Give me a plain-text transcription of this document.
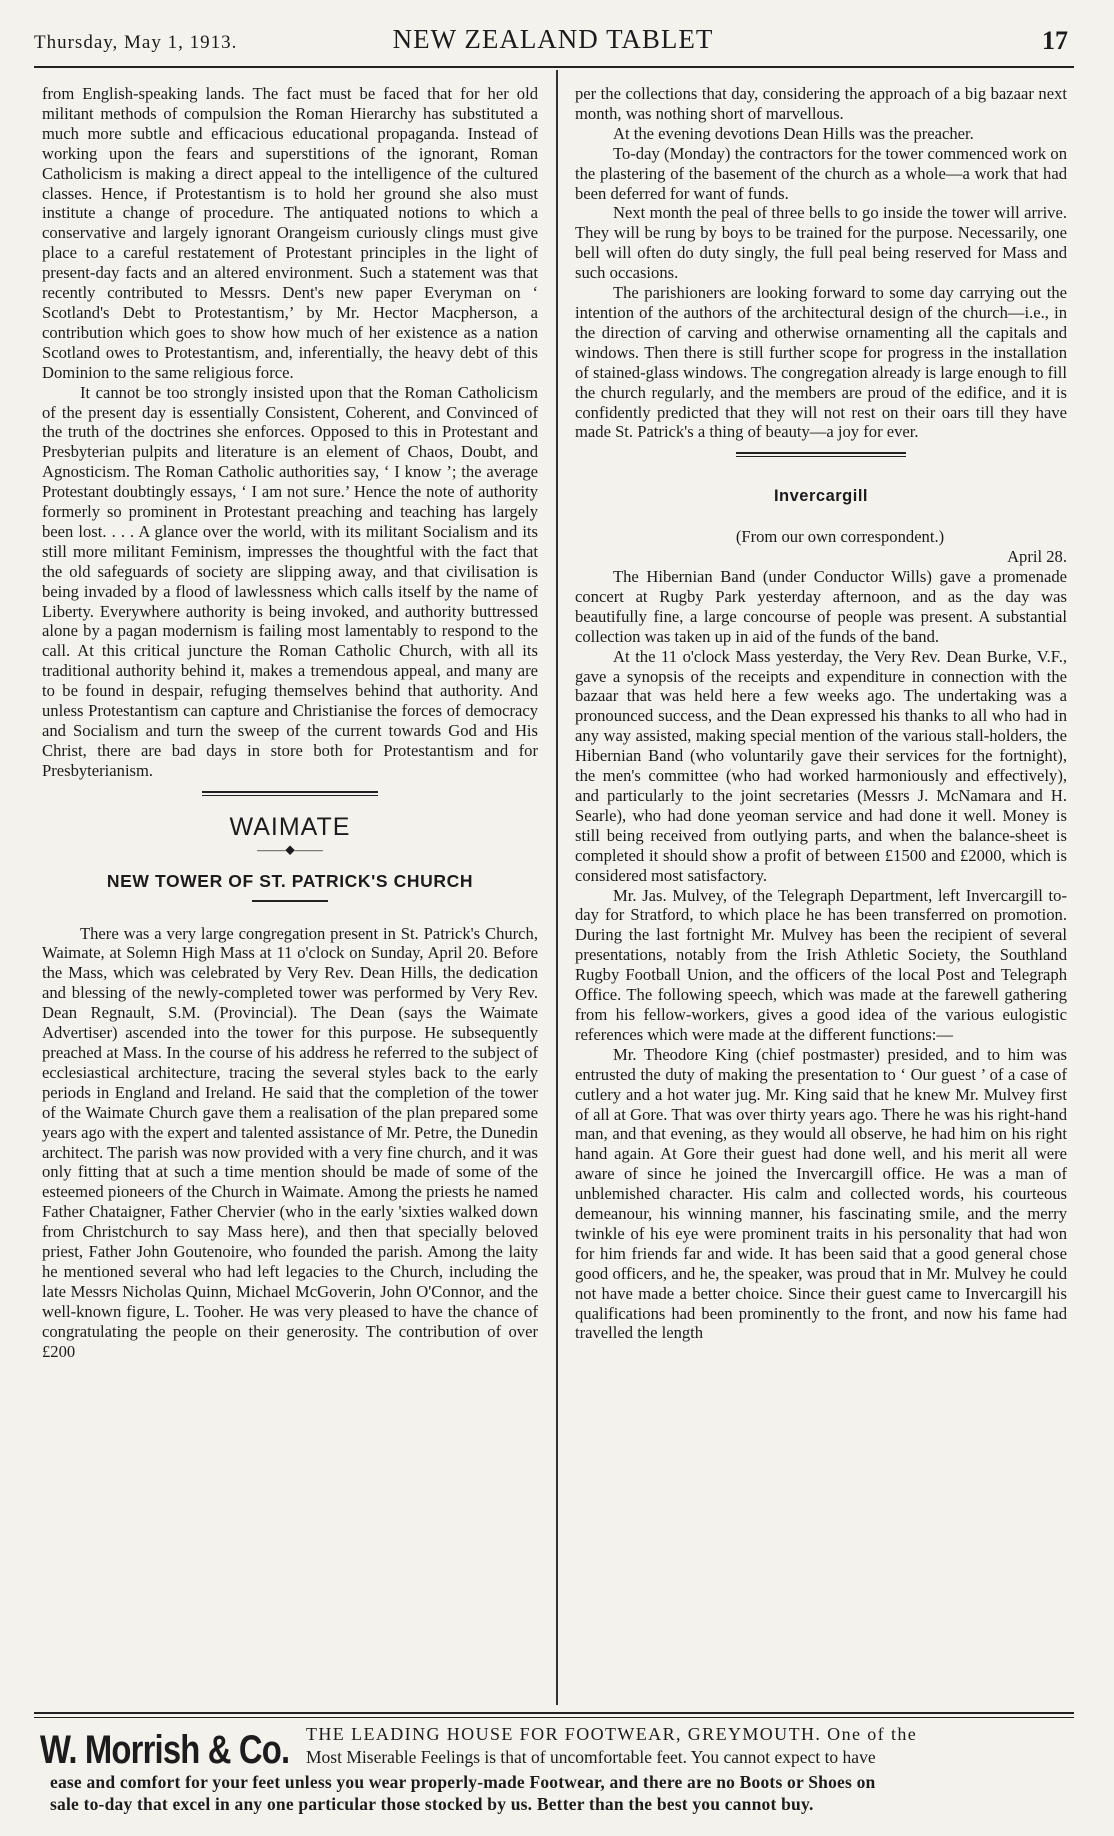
Thursday, May 1, 1913.	NEW ZEALAND TABLET	17

from English-speaking lands. The fact must be faced that for her old militant methods of compulsion the Roman Hierarchy has substituted a much more subtle and efficacious educational propaganda. Instead of working upon the fears and superstitions of the ignorant, Roman Catholicism is making a direct appeal to the intelligence of the cultured classes. Hence, if Protestantism is to hold her ground she also must institute a change of procedure. The antiquated notions to which a conservative and largely ignorant Orangeism curiously clings must give place to a careful restatement of Protestant principles in the light of present-day facts and an altered environment. Such a statement was that recently contributed to Messrs. Dent's new paper Everyman on ‘ Scotland's Debt to Protestantism,’ by Mr. Hector Macpherson, a contribution which goes to show how much of her existence as a nation Scotland owes to Protestantism, and, inferentially, the heavy debt of this Dominion to the same religious force.

It cannot be too strongly insisted upon that the Roman Catholicism of the present day is essentially Consistent, Coherent, and Convinced of the truth of the doctrines she enforces. Opposed to this in Protestant and Presbyterian pulpits and literature is an element of Chaos, Doubt, and Agnosticism. The Roman Catholic authorities say, ‘ I know ’; the average Protestant doubtingly essays, ‘ I am not sure.’ Hence the note of authority formerly so prominent in Protestant preaching and teaching has largely been lost. . . . A glance over the world, with its militant Socialism and its still more militant Feminism, impresses the thoughtful with the fact that the old safeguards of society are slipping away, and that civilisation is being invaded by a flood of lawlessness which calls itself by the name of Liberty. Everywhere authority is being invoked, and authority buttressed alone by a pagan modernism is failing most lamentably to respond to the call. At this critical juncture the Roman Catholic Church, with all its traditional authority behind it, makes a tremendous appeal, and many are to be found in despair, refuging themselves behind that authority. And unless Protestantism can capture and Christianise the forces of democracy and Socialism and turn the sweep of the current towards God and His Christ, there are bad days in store both for Protestantism and for Presbyterianism.

WAIMATE
——⬥——
NEW TOWER OF ST. PATRICK'S CHURCH

There was a very large congregation present in St. Patrick's Church, Waimate, at Solemn High Mass at 11 o'clock on Sunday, April 20. Before the Mass, which was celebrated by Very Rev. Dean Hills, the dedication and blessing of the newly-completed tower was performed by Very Rev. Dean Regnault, S.M. (Provincial). The Dean (says the Waimate Advertiser) ascended into the tower for this purpose. He subsequently preached at Mass. In the course of his address he referred to the subject of ecclesiastical architecture, tracing the several styles back to the early periods in England and Ireland. He said that the completion of the tower of the Waimate Church gave them a realisation of the plan prepared some years ago with the expert and talented assistance of Mr. Petre, the Dunedin architect. The parish was now provided with a very fine church, and it was only fitting that at such a time mention should be made of some of the esteemed pioneers of the Church in Waimate. Among the priests he named Father Chataigner, Father Chervier (who in the early 'sixties walked down from Christchurch to say Mass here), and then that specially beloved priest, Father John Goutenoire, who founded the parish. Among the laity he mentioned several who had left legacies to the Church, including the late Messrs Nicholas Quinn, Michael McGoverin, John O'Connor, and the well-known figure, L. Tooher. He was very pleased to have the chance of congratulating the people on their generosity. The contribution of over £200

per the collections that day, considering the approach of a big bazaar next month, was nothing short of marvellous.

At the evening devotions Dean Hills was the preacher.

To-day (Monday) the contractors for the tower commenced work on the plastering of the basement of the church as a whole—a work that had been deferred for want of funds.

Next month the peal of three bells to go inside the tower will arrive. They will be rung by boys to be trained for the purpose. Necessarily, one bell will often do duty singly, the full peal being reserved for Mass and such occasions.

The parishioners are looking forward to some day carrying out the intention of the authors of the architectural design of the church—i.e., in the direction of carving and otherwise ornamenting all the capitals and windows. Then there is still further scope for progress in the installation of stained-glass windows. The congregation already is large enough to fill the church regularly, and the members are proud of the edifice, and it is confidently predicted that they will not rest on their oars till they have made St. Patrick's a thing of beauty—a joy for ever.

Invercargill

(From our own correspondent.)

April 28.

The Hibernian Band (under Conductor Wills) gave a promenade concert at Rugby Park yesterday afternoon, and as the day was beautifully fine, a large concourse of people was present. A substantial collection was taken up in aid of the funds of the band.

At the 11 o'clock Mass yesterday, the Very Rev. Dean Burke, V.F., gave a synopsis of the receipts and expenditure in connection with the bazaar that was held here a few weeks ago. The undertaking was a pronounced success, and the Dean expressed his thanks to all who had in any way assisted, making special mention of the various stall-holders, the Hibernian Band (who voluntarily gave their services for the fortnight), the men's committee (who had worked harmoniously and effectively), and particularly to the joint secretaries (Messrs J. McNamara and H. Searle), who had done yeoman service and had done it well. Money is still being received from outlying parts, and when the balance-sheet is completed it should show a profit of between £1500 and £2000, which is considered most satisfactory.

Mr. Jas. Mulvey, of the Telegraph Department, left Invercargill to-day for Stratford, to which place he has been transferred on promotion. During the last fortnight Mr. Mulvey has been the recipient of several presentations, notably from the Irish Athletic Society, the Southland Rugby Football Union, and the officers of the local Post and Telegraph Office. The following speech, which was made at the farewell gathering from his fellow-workers, gives a good idea of the various eulogistic references which were made at the different functions:—

Mr. Theodore King (chief postmaster) presided, and to him was entrusted the duty of making the presentation to ‘ Our guest ’ of a case of cutlery and a hot water jug. Mr. King said that he knew Mr. Mulvey first of all at Gore. That was over thirty years ago. There he was his right-hand man, and that evening, as they would all observe, he had him on his right hand again. At Gore their guest had done well, and his merit all were aware of since he joined the Invercargill office. He was a man of unblemished character. His calm and collected words, his courteous demeanour, his winning manner, his fascinating smile, and the merry twinkle of his eye were prominent traits in his personality that had won for him friends far and wide. It has been said that a good general chose good officers, and he, the speaker, was proud that in Mr. Mulvey he could not have made a better choice. Since their guest came to Invercargill his qualifications had been prominently to the front, and now his fame had travelled the length

W. Morrish & Co. THE LEADING HOUSE FOR FOOTWEAR, GREYMOUTH. One of the
Most Miserable Feelings is that of uncomfortable feet. You cannot expect to have
ease and comfort for your feet unless you wear properly-made Footwear, and there are no Boots or Shoes on
sale to-day that excel in any one particular those stocked by us. Better than the best you cannot buy.
